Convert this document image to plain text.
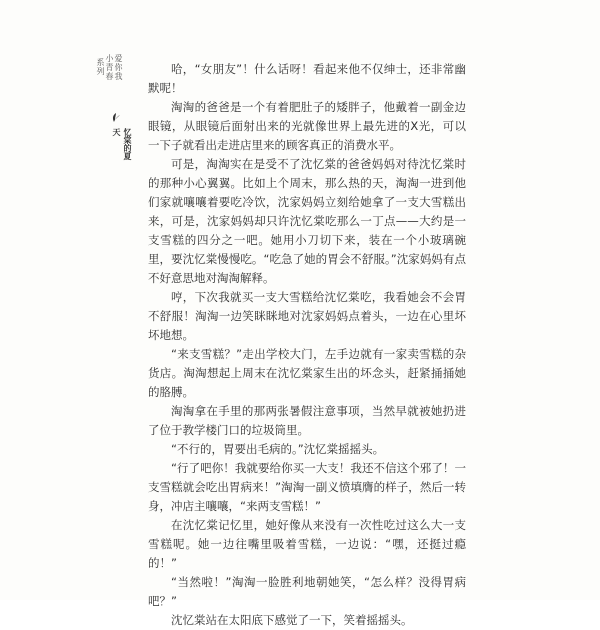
系列 小青春 爱你我
忆棠的夏天

哈，“女朋友”！什么话呀！看起来他不仅绅士，还非常幽默呢！

淘淘的爸爸是一个有着肥肚子的矮胖子，他戴着一副金边眼镜，从眼镜后面射出来的光就像世界上最先进的X光，可以一下子就看出走进店里来的顾客真正的消费水平。

可是，淘淘实在是受不了沈忆棠的爸爸妈妈对待沈忆棠时的那种小心翼翼。比如上个周末，那么热的天，淘淘一进到他们家就嚷嚷着要吃冷饮，沈家妈妈立刻给她拿了一支大雪糕出来，可是，沈家妈妈却只许沈忆棠吃那么一丁点——大约是一支雪糕的四分之一吧。她用小刀切下来，装在一个小玻璃碗里，要沈忆棠慢慢吃。“吃急了她的胃会不舒服。”沈家妈妈有点不好意思地对淘淘解释。

哼，下次我就买一支大雪糕给沈忆棠吃，我看她会不会胃不舒服！淘淘一边笑眯眯地对沈家妈妈点着头，一边在心里坏坏地想。

“来支雪糕？”走出学校大门，左手边就有一家卖雪糕的杂货店。淘淘想起上周末在沈忆棠家生出的坏念头，赶紧捅捅她的胳膊。

淘淘拿在手里的那两张暑假注意事项，当然早就被她扔进了位于教学楼门口的垃圾筒里。

“不行的，胃要出毛病的。”沈忆棠摇摇头。

“行了吧你！我就要给你买一大支！我还不信这个邪了！一支雪糕就会吃出胃病来！”淘淘一副义愤填膺的样子，然后一转身，冲店主嚷嚷，“来两支雪糕！”

在沈忆棠记忆里，她好像从来没有一次性吃过这么大一支雪糕呢。她一边往嘴里吸着雪糕，一边说：“嘿，还挺过瘾的！”

“当然啦！”淘淘一脸胜利地朝她笑，“怎么样？没得胃病吧？”

沈忆棠站在太阳底下感觉了一下，笑着摇摇头。
